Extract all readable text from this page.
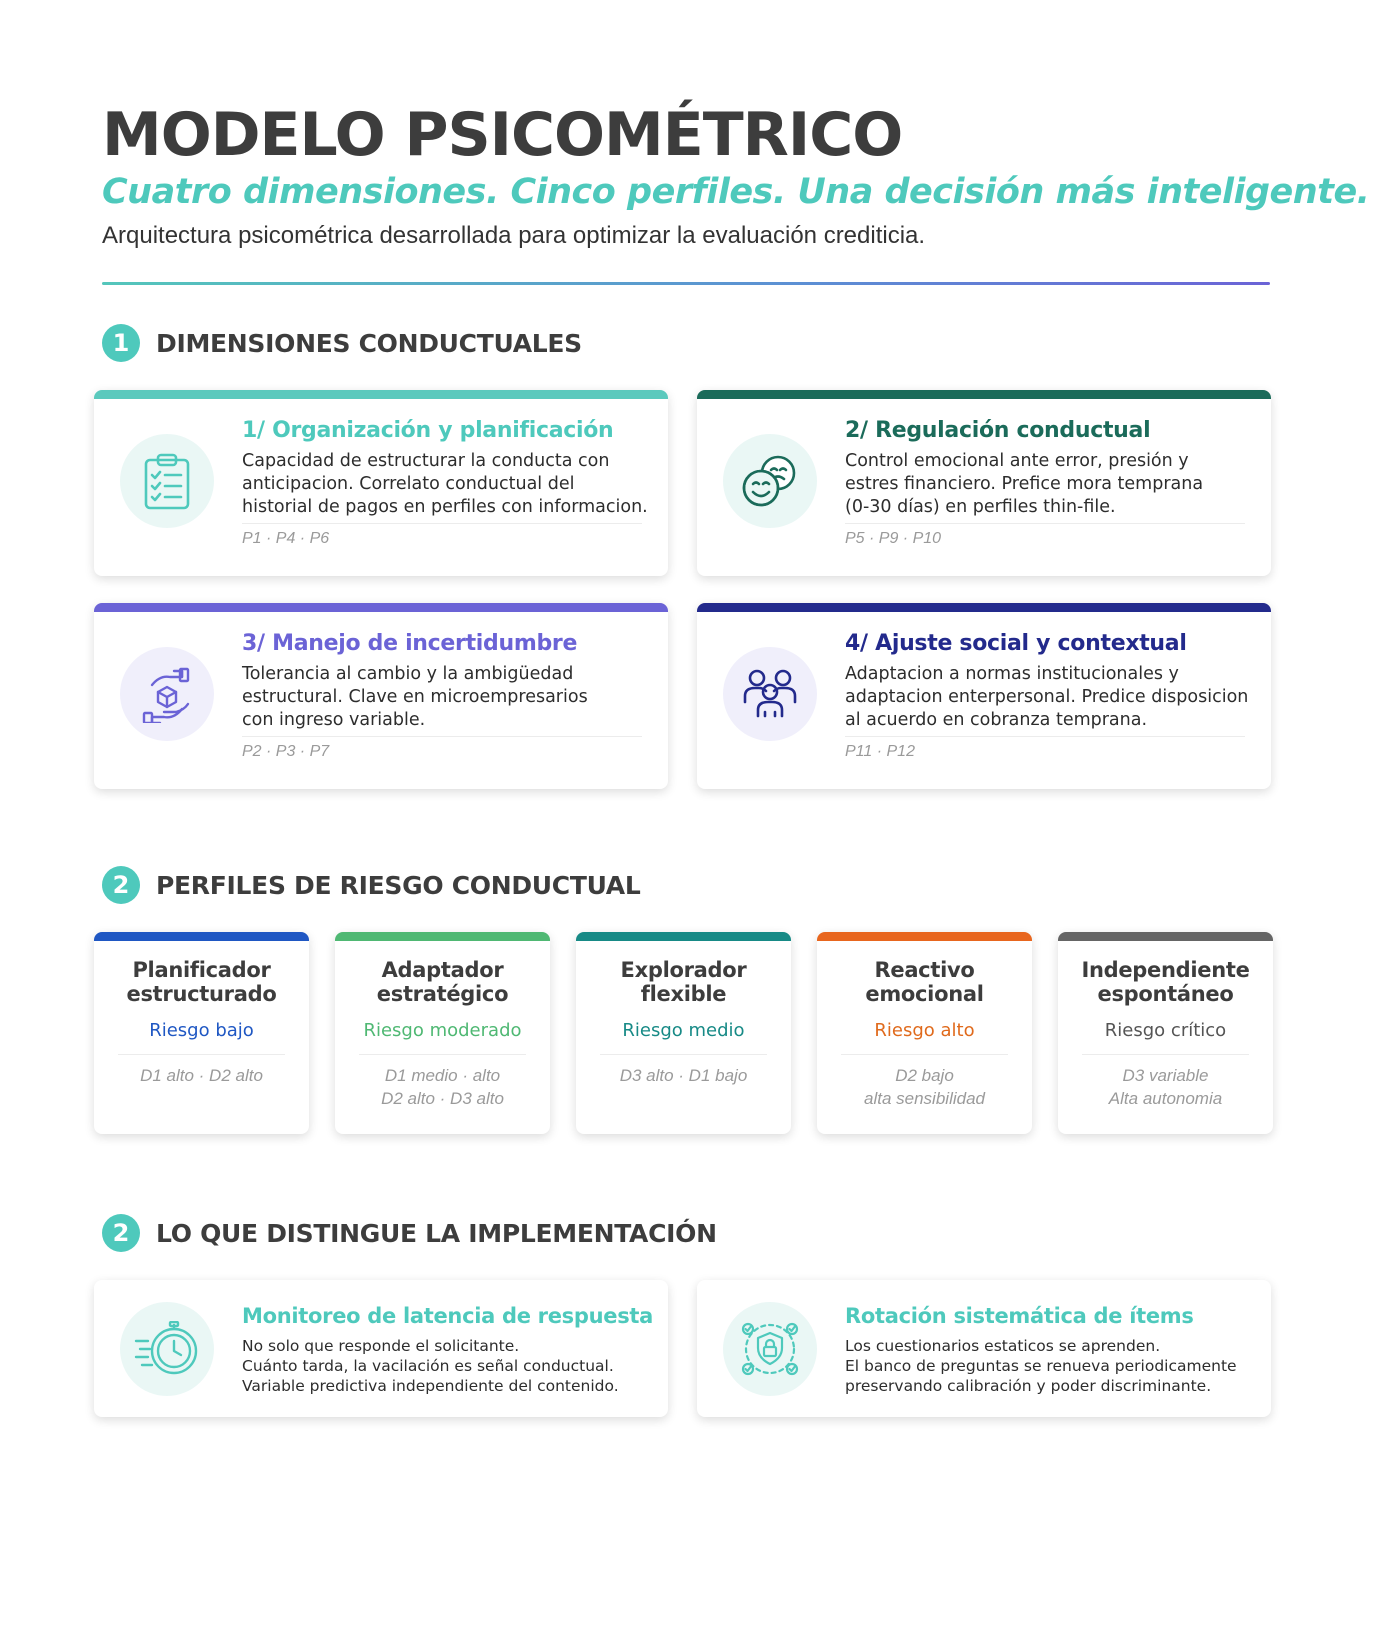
MODELO PSICOMÉTRICO
Cuatro dimensiones. Cinco perfiles. Una decisión más inteligente.
Arquitectura psicométrica desarrollada para optimizar la evaluación crediticia.
1	DIMENSIONES CONDUCTUALES
1/ Organización y planificación
Capacidad de estructurar la conducta con
anticipacion. Correlato conductual del
historial de pagos en perfiles con informacion.
P1 · P4 · P6
2/ Regulación conductual
Control emocional ante error, presión y
estres financiero. Prefice mora temprana
(0-30 días) en perfiles thin-file.
P5 · P9 · P10
3/ Manejo de incertidumbre
Tolerancia al cambio y la ambigüedad
estructural. Clave en microempresarios
con ingreso variable.
P2 · P3 · P7
4/ Ajuste social y contextual
Adaptacion a normas institucionales y
adaptacion enterpersonal. Predice disposicion
al acuerdo en cobranza temprana.
P11 · P12
2	PERFILES DE RIESGO CONDUCTUAL
Planificador
estructurado
Riesgo bajo
D1 alto · D2 alto
Adaptador
estratégico
Riesgo moderado
D1 medio · alto
D2 alto · D3 alto
Explorador
flexible
Riesgo medio
D3 alto · D1 bajo
Reactivo
emocional
Riesgo alto
D2 bajo
alta sensibilidad
Independiente
espontáneo
Riesgo crítico
D3 variable
Alta autonomia
2	LO QUE DISTINGUE LA IMPLEMENTACIÓN
Monitoreo de latencia de respuesta
No solo que responde el solicitante.
Cuánto tarda, la vacilación es señal conductual.
Variable predictiva independiente del contenido.
Rotación sistemática de ítems
Los cuestionarios estaticos se aprenden.
El banco de preguntas se renueva periodicamente
preservando calibración y poder discriminante.
